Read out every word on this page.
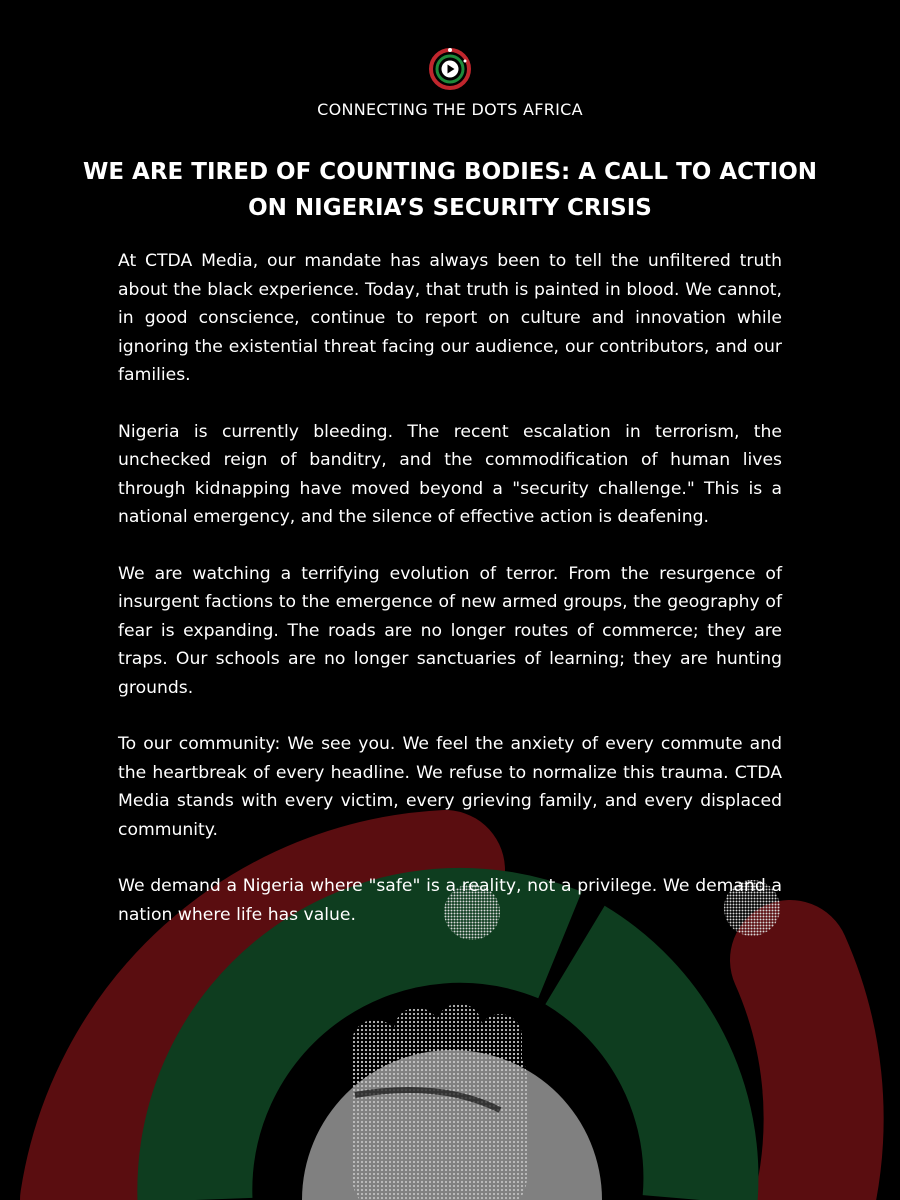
CONNECTING THE DOTS AFRICA
WE ARE TIRED OF COUNTING BODIES: A CALL TO ACTION ON NIGERIA’S SECURITY CRISIS

At CTDA Media, our mandate has always been to tell the unfiltered truth about the black experience. Today, that truth is painted in blood. We cannot, in good conscience, continue to report on culture and innovation while ignoring the existential threat facing our audience, our contributors, and our families.

Nigeria is currently bleeding. The recent escalation in terrorism, the unchecked reign of banditry, and the commodification of human lives through kidnapping have moved beyond a "security challenge." This is a national emergency, and the silence of effective action is deafening.

We are watching a terrifying evolution of terror. From the resurgence of insurgent factions to the emergence of new armed groups, the geography of fear is expanding. The roads are no longer routes of commerce; they are traps. Our schools are no longer sanctuaries of learning; they are hunting grounds.

To our community: We see you. We feel the anxiety of every commute and the heartbreak of every headline. We refuse to normalize this trauma. CTDA Media stands with every victim, every grieving family, and every displaced community.

We demand a Nigeria where "safe" is a reality, not a privilege. We demand a nation where life has value.
